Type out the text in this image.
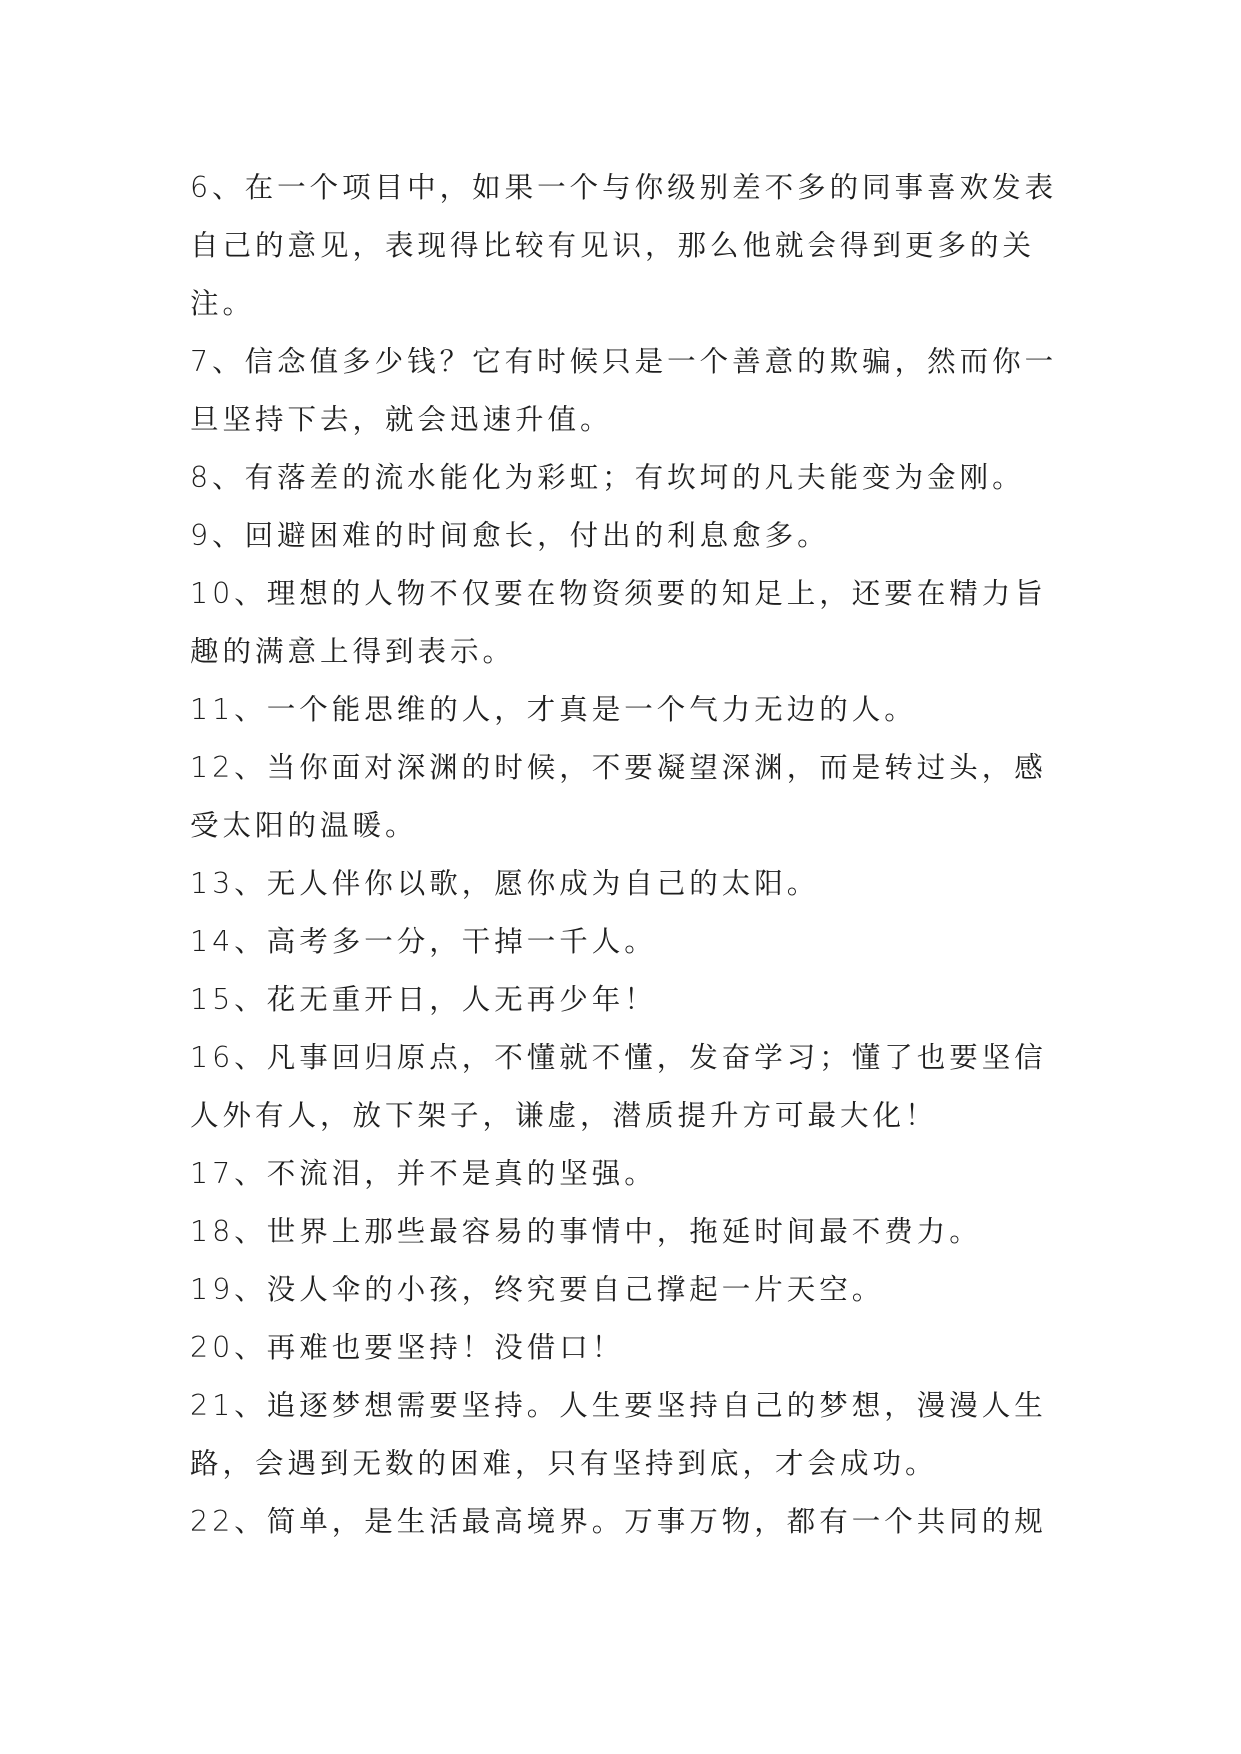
6、在一个项目中，如果一个与你级别差不多的同事喜欢发表自己的意见，表现得比较有见识，那么他就会得到更多的关注。

7、信念值多少钱？它有时候只是一个善意的欺骗，然而你一旦坚持下去，就会迅速升值。

8、有落差的流水能化为彩虹；有坎坷的凡夫能变为金刚。

9、回避困难的时间愈长，付出的利息愈多。

10、理想的人物不仅要在物资须要的知足上，还要在精力旨趣的满意上得到表示。

11、一个能思维的人，才真是一个气力无边的人。

12、当你面对深渊的时候，不要凝望深渊，而是转过头，感受太阳的温暖。

13、无人伴你以歌，愿你成为自己的太阳。

14、高考多一分，干掉一千人。

15、花无重开日，人无再少年！

16、凡事回归原点，不懂就不懂，发奋学习；懂了也要坚信人外有人，放下架子，谦虚，潜质提升方可最大化！

17、不流泪，并不是真的坚强。

18、世界上那些最容易的事情中，拖延时间最不费力。

19、没人伞的小孩，终究要自己撑起一片天空。

20、再难也要坚持！没借口！

21、追逐梦想需要坚持。人生要坚持自己的梦想，漫漫人生路，会遇到无数的困难，只有坚持到底，才会成功。

22、简单，是生活最高境界。万事万物，都有一个共同的规
